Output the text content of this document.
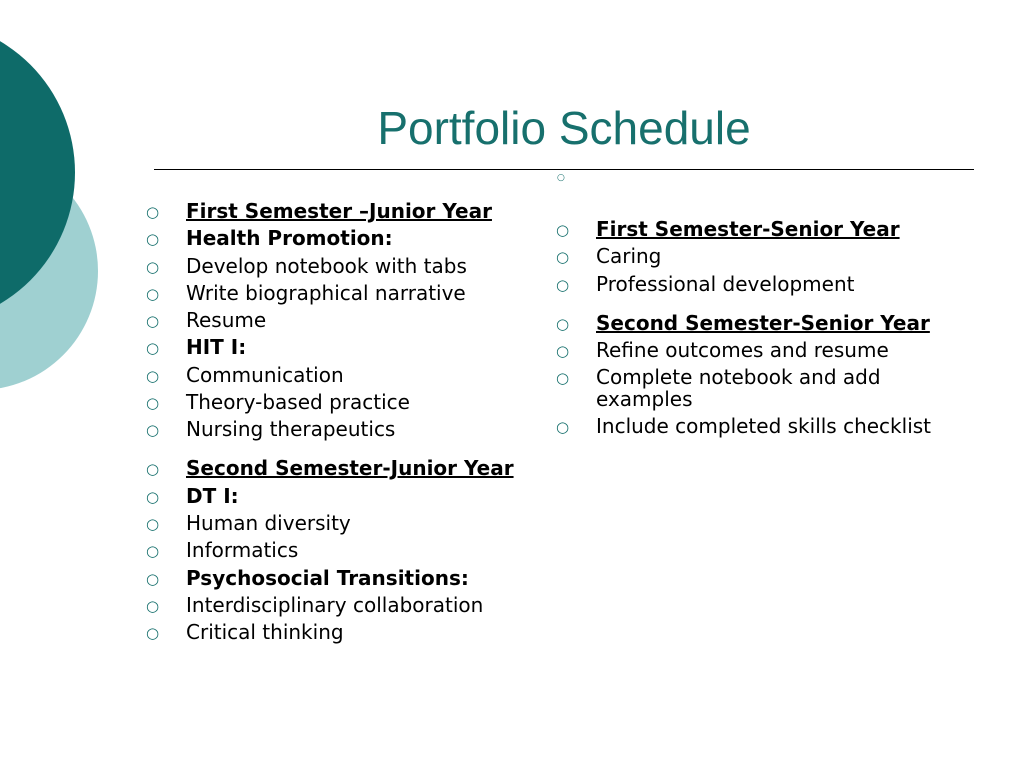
Portfolio Schedule
○
○	First Semester –Junior Year
○	Health Promotion:
○	Develop notebook with tabs
○	Write biographical narrative
○	Resume
○	HIT I:
○	Communication
○	Theory-based practice
○	Nursing therapeutics
○	Second Semester-Junior Year
○	DT I:
○	Human diversity
○	Informatics
○	Psychosocial Transitions:
○	Interdisciplinary collaboration
○	Critical thinking
○	First Semester-Senior Year
○	Caring
○	Professional development
○	Second Semester-Senior Year
○	Refine outcomes and resume
○	Complete notebook and add examples
○	Include completed skills checklist
